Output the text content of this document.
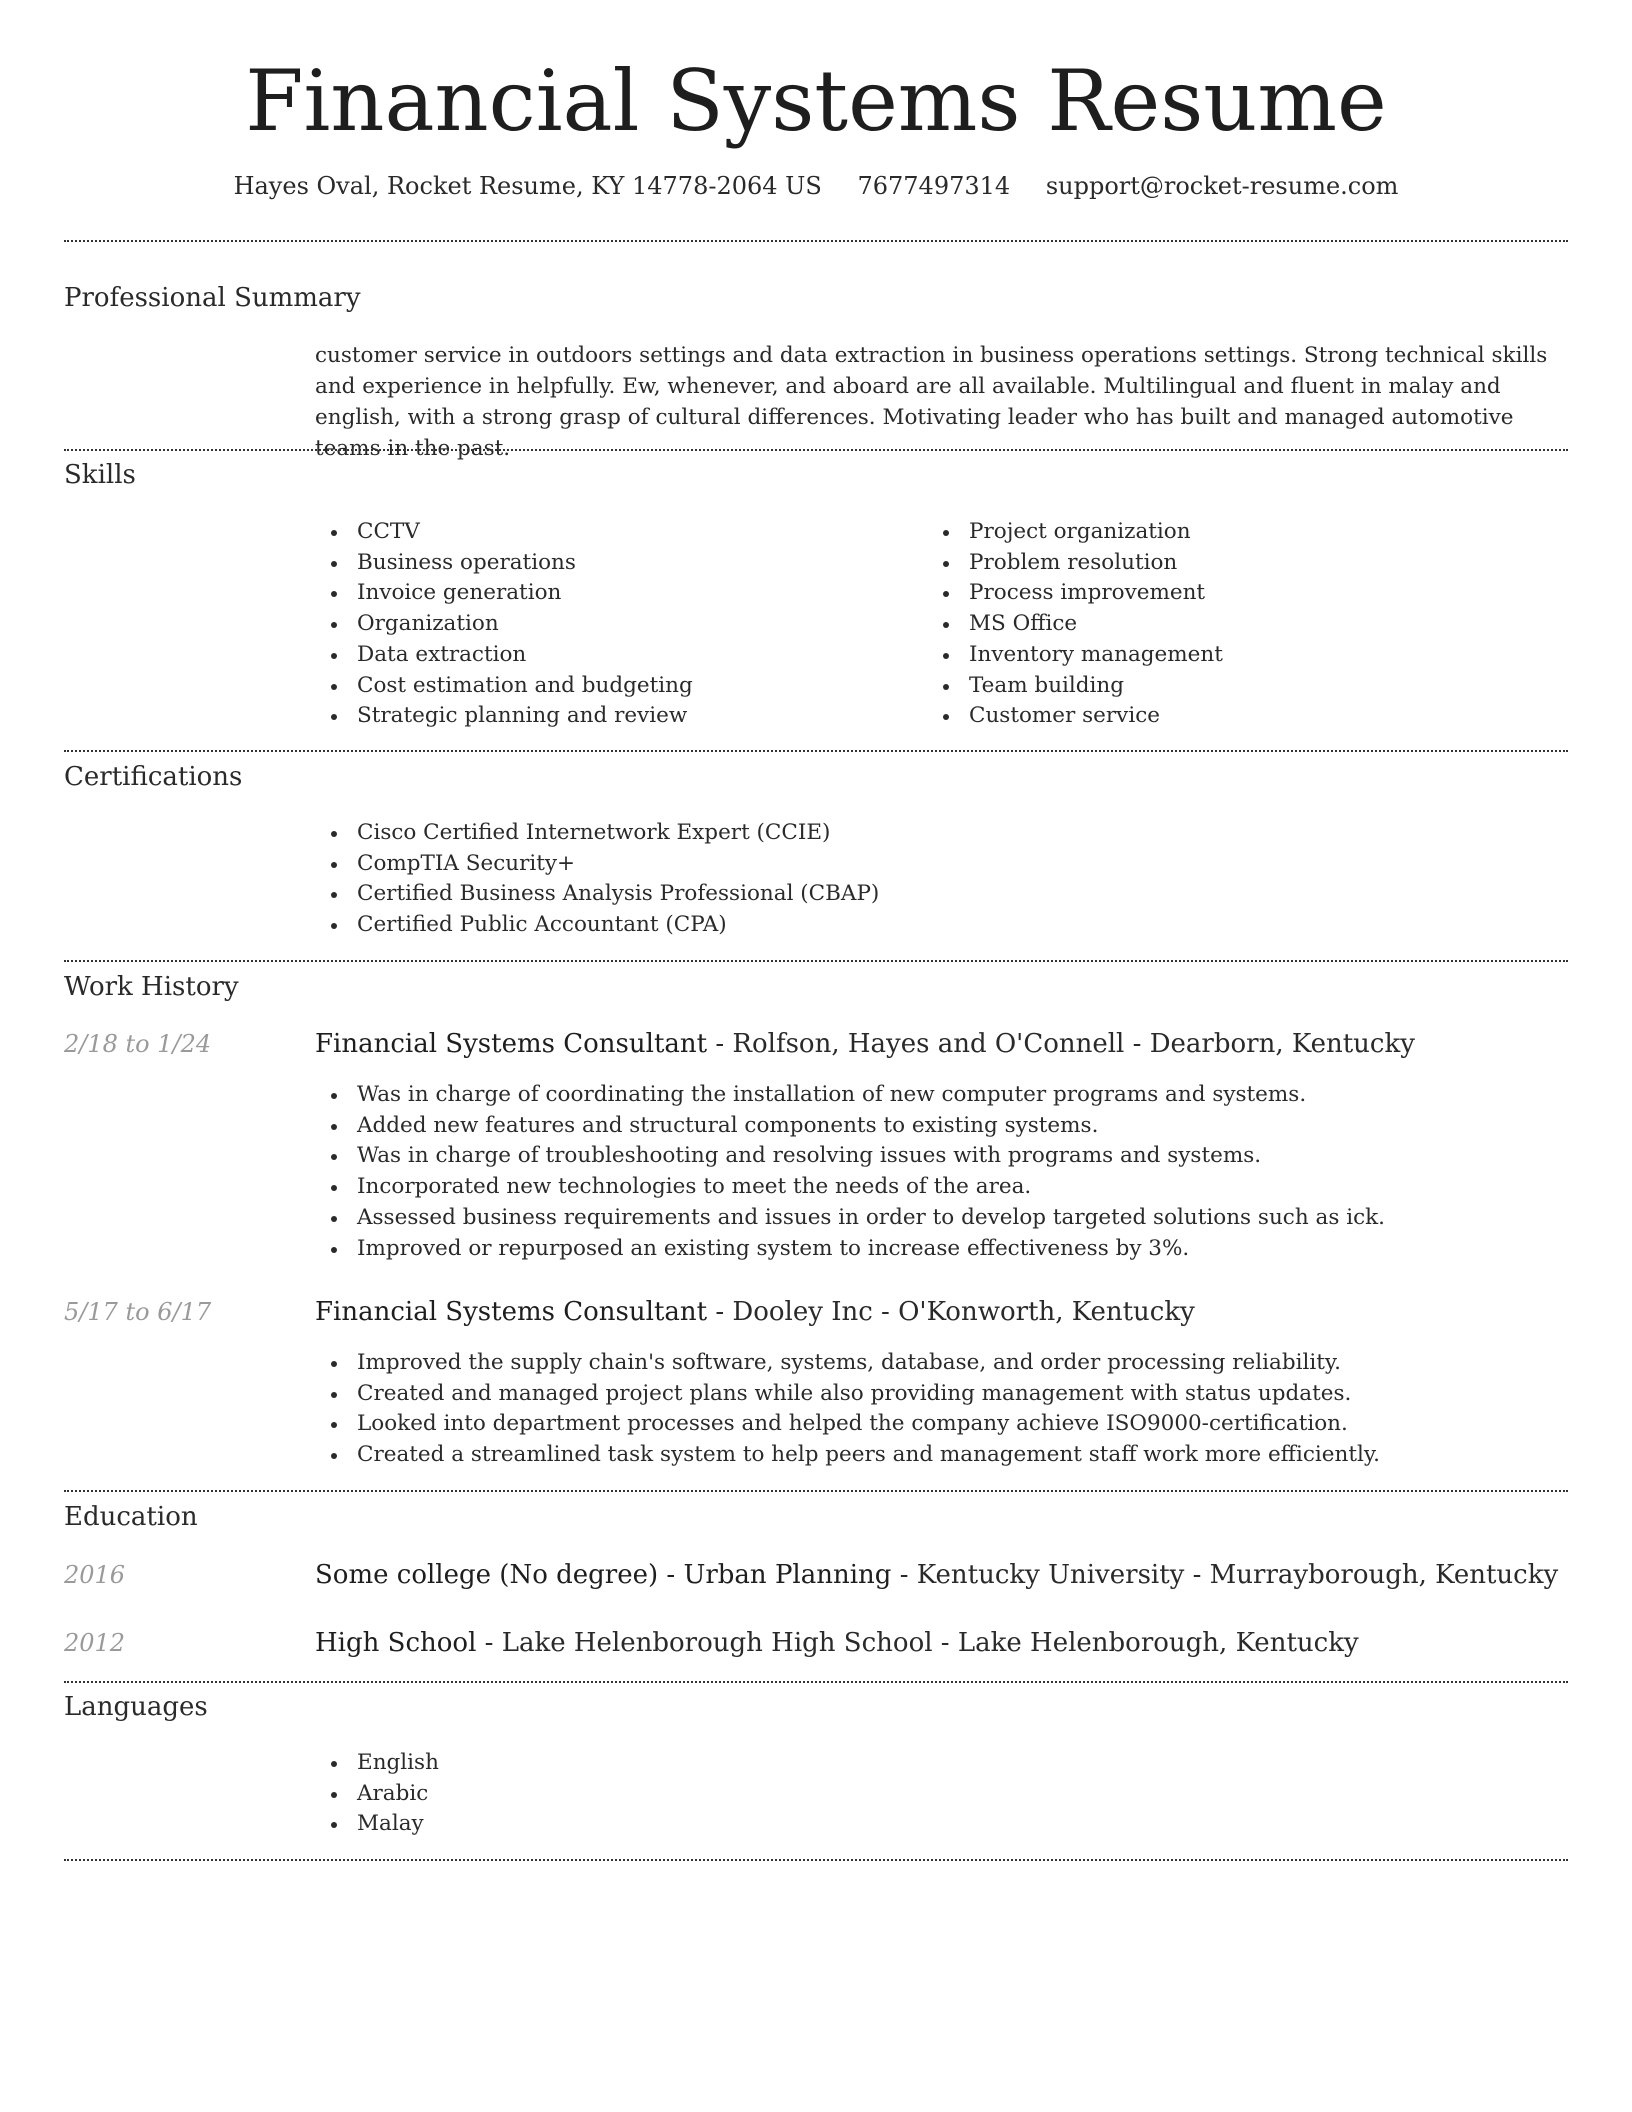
Financial Systems Resume
Hayes Oval, Rocket Resume, KY 14778-2064 US 7677497314 support@rocket-resume.com
Professional Summary
customer service in outdoors settings and data extraction in business operations settings. Strong technical skills and experience in helpfully. Ew, whenever, and aboard are all available. Multilingual and fluent in malay and english, with a strong grasp of cultural differences. Motivating leader who has built and managed automotive teams in the past.
Skills
CCTV
Business operations
Invoice generation
Organization
Data extraction
Cost estimation and budgeting
Strategic planning and review
Project organization
Problem resolution
Process improvement
MS Office
Inventory management
Team building
Customer service
Certifications
Cisco Certified Internetwork Expert (CCIE)
CompTIA Security+
Certified Business Analysis Professional (CBAP)
Certified Public Accountant (CPA)
Work History
2/18 to 1/24	Financial Systems Consultant - Rolfson, Hayes and O'Connell - Dearborn, Kentucky
Was in charge of coordinating the installation of new computer programs and systems.
Added new features and structural components to existing systems.
Was in charge of troubleshooting and resolving issues with programs and systems.
Incorporated new technologies to meet the needs of the area.
Assessed business requirements and issues in order to develop targeted solutions such as ick.
Improved or repurposed an existing system to increase effectiveness by 3%.
5/17 to 6/17	Financial Systems Consultant - Dooley Inc - O'Konworth, Kentucky
Improved the supply chain's software, systems, database, and order processing reliability.
Created and managed project plans while also providing management with status updates.
Looked into department processes and helped the company achieve ISO9000-certification.
Created a streamlined task system to help peers and management staff work more efficiently.
Education
2016	Some college (No degree) - Urban Planning - Kentucky University - Murrayborough, Kentucky
2012	High School - Lake Helenborough High School - Lake Helenborough, Kentucky
Languages
English
Arabic
Malay
